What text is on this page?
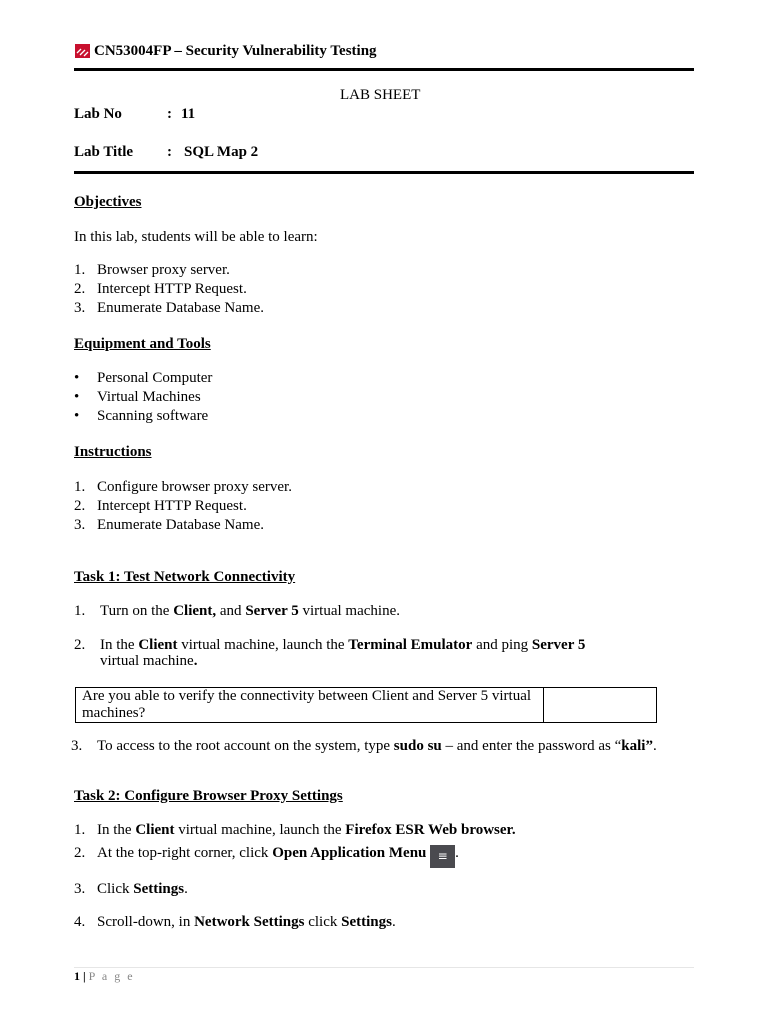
CN53004FP – Security Vulnerability Testing
LAB SHEET
Lab No	: 11
Lab Title : SQL Map 2
Objectives
In this lab, students will be able to learn:
1. Browser proxy server.
2. Intercept HTTP Request.
3. Enumerate Database Name.
Equipment and Tools
• Personal Computer
• Virtual Machines
• Scanning software
Instructions
1. Configure browser proxy server.
2. Intercept HTTP Request.
3. Enumerate Database Name.
Task 1: Test Network Connectivity
1. Turn on the Client, and Server 5 virtual machine.
2. In the Client virtual machine, launch the Terminal Emulator and ping Server 5
virtual machine.
Are you able to verify the connectivity between Client and Server 5 virtual machines?	
3. To access to the root account on the system, type sudo su – and enter the password as “kali”.
Task 2: Configure Browser Proxy Settings
1. In the Client virtual machine, launch the Firefox ESR Web browser.
2. At the top-right corner, click Open Application Menu ≡ .
3. Click Settings.
4. Scroll-down, in Network Settings click Settings.
1 | P a g e
